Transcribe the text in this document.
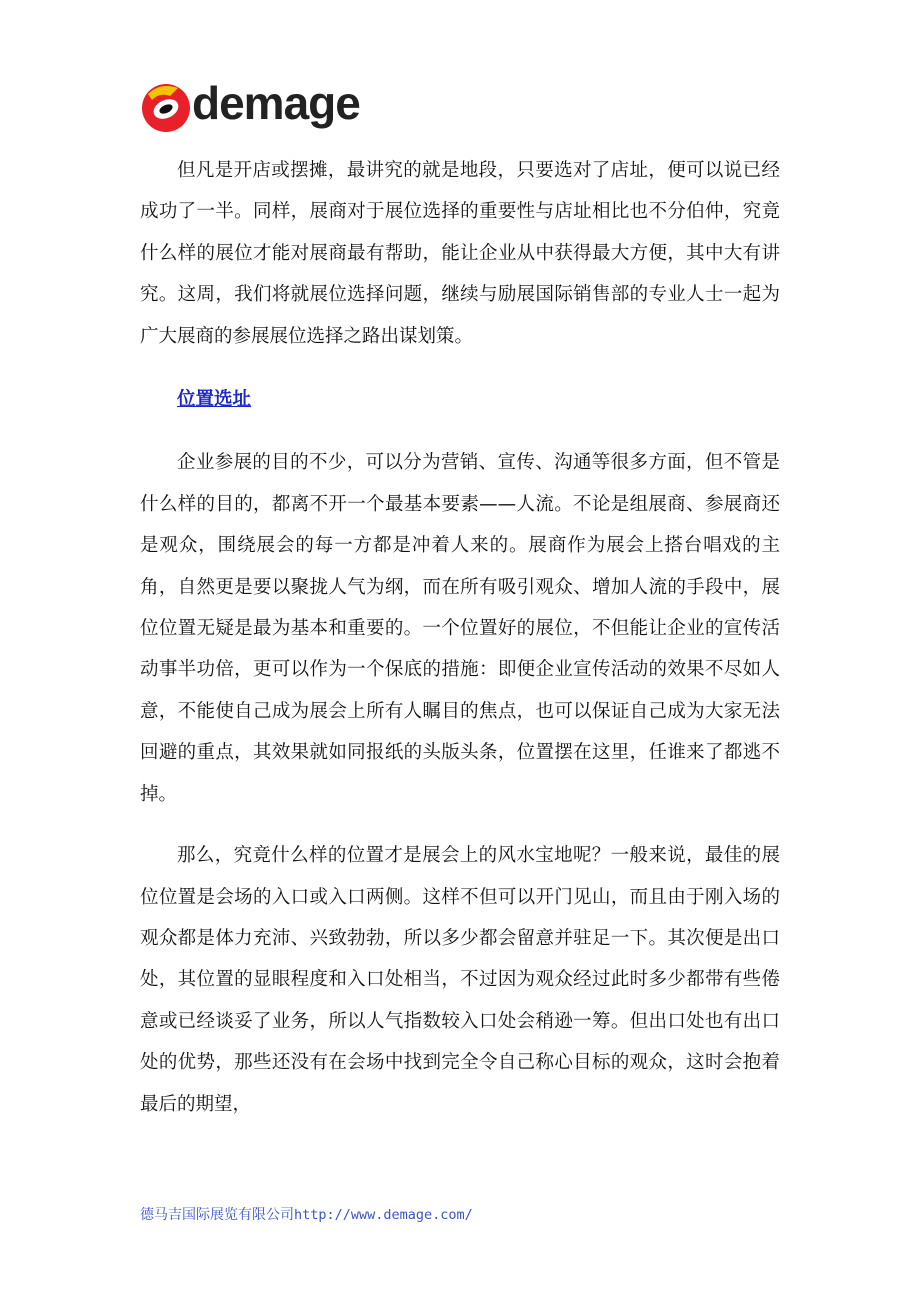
demage

但凡是开店或摆摊，最讲究的就是地段，只要选对了店址，便可以说已经成功了一半。同样，展商对于展位选择的重要性与店址相比也不分伯仲，究竟什么样的展位才能对展商最有帮助，能让企业从中获得最大方便，其中大有讲究。这周，我们将就展位选择问题，继续与励展国际销售部的专业人士一起为广大展商的参展展位选择之路出谋划策。

位置选址

企业参展的目的不少，可以分为营销、宣传、沟通等很多方面，但不管是什么样的目的，都离不开一个最基本要素——人流。不论是组展商、参展商还是观众，围绕展会的每一方都是冲着人来的。展商作为展会上搭台唱戏的主角，自然更是要以聚拢人气为纲，而在所有吸引观众、增加人流的手段中，展位位置无疑是最为基本和重要的。一个位置好的展位，不但能让企业的宣传活动事半功倍，更可以作为一个保底的措施：即便企业宣传活动的效果不尽如人意，不能使自己成为展会上所有人瞩目的焦点，也可以保证自己成为大家无法回避的重点，其效果就如同报纸的头版头条，位置摆在这里，任谁来了都逃不掉。

那么，究竟什么样的位置才是展会上的风水宝地呢？一般来说，最佳的展位位置是会场的入口或入口两侧。这样不但可以开门见山，而且由于刚入场的观众都是体力充沛、兴致勃勃，所以多少都会留意并驻足一下。其次便是出口处，其位置的显眼程度和入口处相当，不过因为观众经过此时多少都带有些倦意或已经谈妥了业务，所以人气指数较入口处会稍逊一筹。但出口处也有出口处的优势，那些还没有在会场中找到完全令自己称心目标的观众，这时会抱着最后的期望，

德马吉国际展览有限公司http://www.demage.com/
